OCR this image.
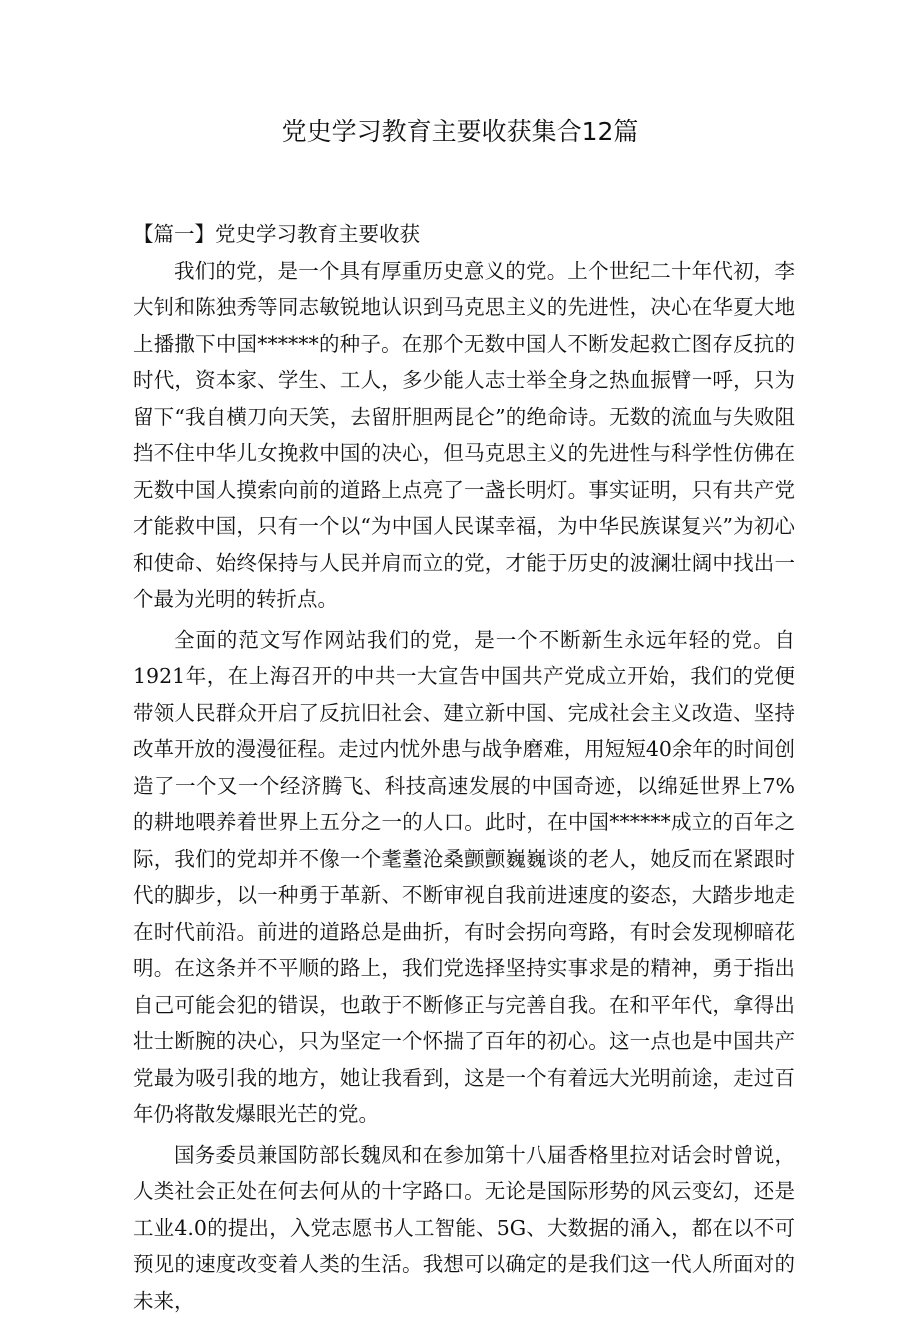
党史学习教育主要收获集合12篇
【篇一】党史学习教育主要收获

我们的党，是一个具有厚重历史意义的党。上个世纪二十年代初，李大钊和陈独秀等同志敏锐地认识到马克思主义的先进性，决心在华夏大地上播撒下中国******的种子。在那个无数中国人不断发起救亡图存反抗的时代，资本家、学生、工人，多少能人志士举全身之热血振臂一呼，只为留下“我自横刀向天笑，去留肝胆两昆仑”的绝命诗。无数的流血与失败阻挡不住中华儿女挽救中国的决心，但马克思主义的先进性与科学性仿佛在无数中国人摸索向前的道路上点亮了一盏长明灯。事实证明，只有共产党才能救中国，只有一个以“为中国人民谋幸福，为中华民族谋复兴”为初心和使命、始终保持与人民并肩而立的党，才能于历史的波澜壮阔中找出一个最为光明的转折点。

全面的范文写作网站我们的党，是一个不断新生永远年轻的党。自1921年，在上海召开的中共一大宣告中国共产党成立开始，我们的党便带领人民群众开启了反抗旧社会、建立新中国、完成社会主义改造、坚持改革开放的漫漫征程。走过内忧外患与战争磨难，用短短40余年的时间创造了一个又一个经济腾飞、科技高速发展的中国奇迹，以绵延世界上7%的耕地喂养着世界上五分之一的人口。此时，在中国******成立的百年之际，我们的党却并不像一个耄耋沧桑颤颤巍巍谈的老人，她反而在紧跟时代的脚步，以一种勇于革新、不断审视自我前进速度的姿态，大踏步地走在时代前沿。前进的道路总是曲折，有时会拐向弯路，有时会发现柳暗花明。在这条并不平顺的路上，我们党选择坚持实事求是的精神，勇于指出自己可能会犯的错误，也敢于不断修正与完善自我。在和平年代，拿得出壮士断腕的决心，只为坚定一个怀揣了百年的初心。这一点也是中国共产党最为吸引我的地方，她让我看到，这是一个有着远大光明前途，走过百年仍将散发爆眼光芒的党。

国务委员兼国防部长魏凤和在参加第十八届香格里拉对话会时曾说，人类社会正处在何去何从的十字路口。无论是国际形势的风云变幻，还是工业4.0的提出，入党志愿书人工智能、5G、大数据的涌入，都在以不可预见的速度改变着人类的生活。我想可以确定的是我们这一代人所面对的未来，
